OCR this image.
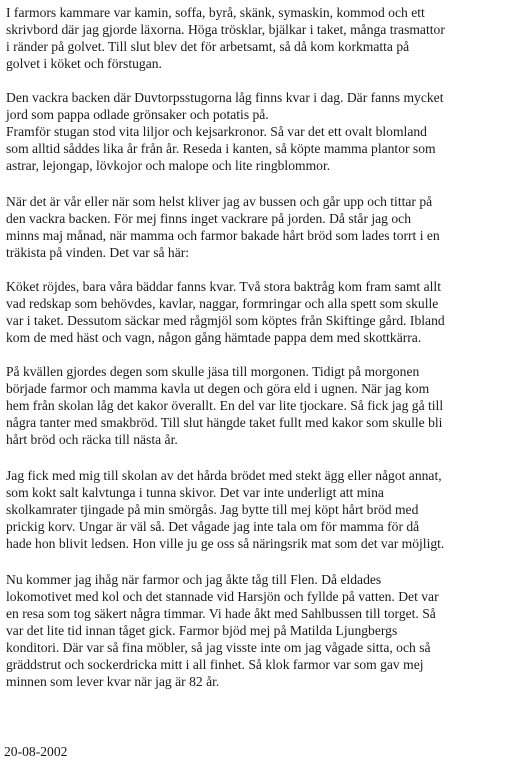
I farmors kammare var kamin, soffa, byrå, skänk, symaskin, kommod och ett
skrivbord där jag gjorde läxorna. Höga trösklar, bjälkar i taket, många trasmattor
i ränder på golvet. Till slut blev det för arbetsamt, så då kom korkmatta på
golvet i köket och förstugan.
Den vackra backen där Duvtorpsstugorna låg finns kvar i dag. Där fanns mycket
jord som pappa odlade grönsaker och potatis på.
Framför stugan stod vita liljor och kejsarkronor. Så var det ett ovalt blomland
som alltid såddes lika år från år. Reseda i kanten, så köpte mamma plantor som
astrar, lejongap, lövkojor och malope och lite ringblommor.
När det är vår eller när som helst kliver jag av bussen och går upp och tittar på
den vackra backen. För mej finns inget vackrare på jorden. Då står jag och
minns maj månad, när mamma och farmor bakade hårt bröd som lades torrt i en
träkista på vinden. Det var så här:
Köket röjdes, bara våra bäddar fanns kvar. Två stora baktråg kom fram samt allt
vad redskap som behövdes, kavlar, naggar, formringar och alla spett som skulle
var i taket. Dessutom säckar med rågmjöl som köptes från Skiftinge gård. Ibland
kom de med häst och vagn, någon gång hämtade pappa dem med skottkärra.
På kvällen gjordes degen som skulle jäsa till morgonen. Tidigt på morgonen
började farmor och mamma kavla ut degen och göra eld i ugnen. När jag kom
hem från skolan låg det kakor överallt. En del var lite tjockare. Så fick jag gå till
några tanter med smakbröd. Till slut hängde taket fullt med kakor som skulle bli
hårt bröd och räcka till nästa år.
Jag fick med mig till skolan av det hårda brödet med stekt ägg eller något annat,
som kokt salt kalvtunga i tunna skivor. Det var inte underligt att mina
skolkamrater tjingade på min smörgås. Jag bytte till mej köpt hårt bröd med
prickig korv. Ungar är väl så. Det vågade jag inte tala om för mamma för då
hade hon blivit ledsen. Hon ville ju ge oss så näringsrik mat som det var möjligt.
Nu kommer jag ihåg när farmor och jag åkte tåg till Flen. Då eldades
lokomotivet med kol och det stannade vid Harsjön och fyllde på vatten. Det var
en resa som tog säkert några timmar. Vi hade åkt med Sahlbussen till torget. Så
var det lite tid innan tåget gick. Farmor bjöd mej på Matilda Ljungbergs
konditori. Där var så fina möbler, så jag visste inte om jag vågade sitta, och så
gräddstrut och sockerdricka mitt i all finhet. Så klok farmor var som gav mej
minnen som lever kvar när jag är 82 år.
20-08-2002
